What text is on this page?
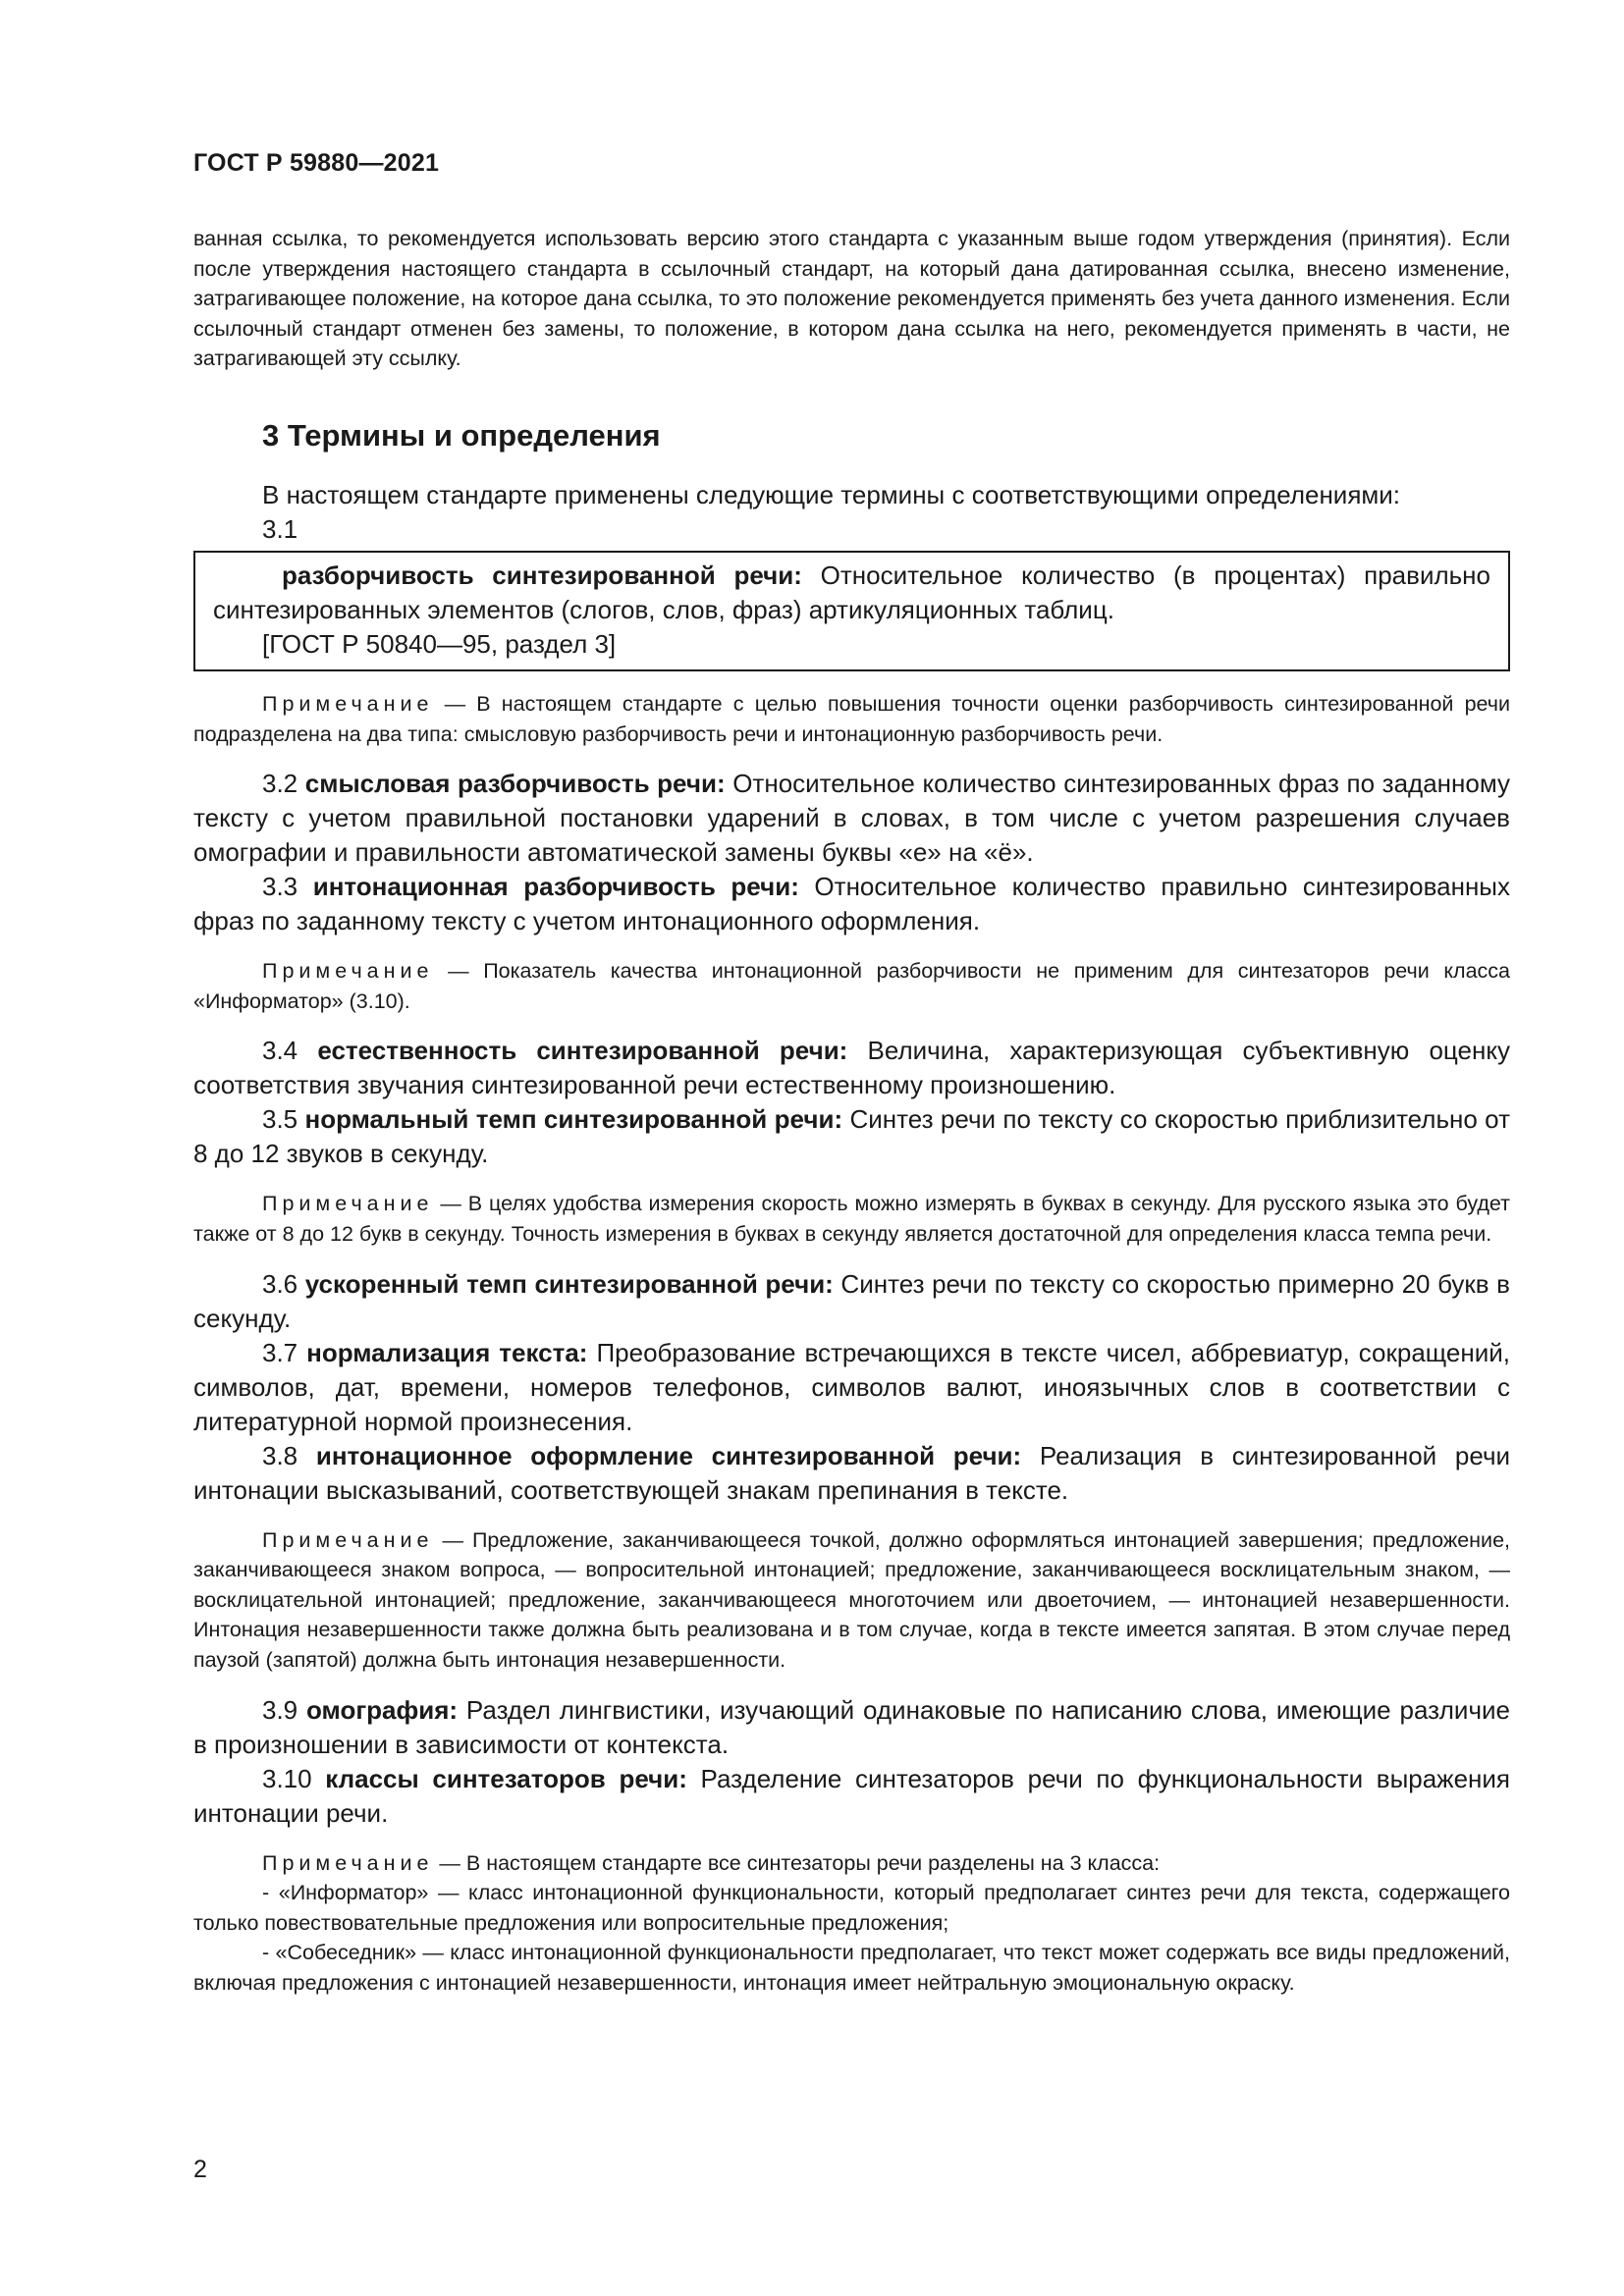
ГОСТ Р 59880—2021

ванная ссылка, то рекомендуется использовать версию этого стандарта с указанным выше годом утверждения (принятия). Если после утверждения настоящего стандарта в ссылочный стандарт, на который дана датированная ссылка, внесено изменение, затрагивающее положение, на которое дана ссылка, то это положение рекомендуется применять без учета данного изменения. Если ссылочный стандарт отменен без замены, то положение, в котором дана ссылка на него, рекомендуется применять в части, не затрагивающей эту ссылку.

3 Термины и определения

В настоящем стандарте применены следующие термины с соответствующими определениями:

3.1

разборчивость синтезированной речи: Относительное количество (в процентах) правильно синтезированных элементов (слогов, слов, фраз) артикуляционных таблиц.

[ГОСТ Р 50840—95, раздел 3]

Примечание — В настоящем стандарте с целью повышения точности оценки разборчивость синтезированной речи подразделена на два типа: смысловую разборчивость речи и интонационную разборчивость речи.

3.2 смысловая разборчивость речи: Относительное количество синтезированных фраз по заданному тексту с учетом правильной постановки ударений в словах, в том числе с учетом разрешения случаев омографии и правильности автоматической замены буквы «е» на «ё».

3.3 интонационная разборчивость речи: Относительное количество правильно синтезированных фраз по заданному тексту с учетом интонационного оформления.

Примечание — Показатель качества интонационной разборчивости не применим для синтезаторов речи класса «Информатор» (3.10).

3.4 естественность синтезированной речи: Величина, характеризующая субъективную оценку соответствия звучания синтезированной речи естественному произношению.

3.5 нормальный темп синтезированной речи: Синтез речи по тексту со скоростью приблизительно от 8 до 12 звуков в секунду.

Примечание — В целях удобства измерения скорость можно измерять в буквах в секунду. Для русского языка это будет также от 8 до 12 букв в секунду. Точность измерения в буквах в секунду является достаточной для определения класса темпа речи.

3.6 ускоренный темп синтезированной речи: Синтез речи по тексту со скоростью примерно 20 букв в секунду.

3.7 нормализация текста: Преобразование встречающихся в тексте чисел, аббревиатур, сокращений, символов, дат, времени, номеров телефонов, символов валют, иноязычных слов в соответствии с литературной нормой произнесения.

3.8 интонационное оформление синтезированной речи: Реализация в синтезированной речи интонации высказываний, соответствующей знакам препинания в тексте.

Примечание — Предложение, заканчивающееся точкой, должно оформляться интонацией завершения; предложение, заканчивающееся знаком вопроса, — вопросительной интонацией; предложение, заканчивающееся восклицательным знаком, — восклицательной интонацией; предложение, заканчивающееся многоточием или двоеточием, — интонацией незавершенности. Интонация незавершенности также должна быть реализована и в том случае, когда в тексте имеется запятая. В этом случае перед паузой (запятой) должна быть интонация незавершенности.

3.9 омография: Раздел лингвистики, изучающий одинаковые по написанию слова, имеющие различие в произношении в зависимости от контекста.

3.10 классы синтезаторов речи: Разделение синтезаторов речи по функциональности выражения интонации речи.

Примечание — В настоящем стандарте все синтезаторы речи разделены на 3 класса:

- «Информатор» — класс интонационной функциональности, который предполагает синтез речи для текста, содержащего только повествовательные предложения или вопросительные предложения;

- «Собеседник» — класс интонационной функциональности предполагает, что текст может содержать все виды предложений, включая предложения с интонацией незавершенности, интонация имеет нейтральную эмоциональную окраску.

2
